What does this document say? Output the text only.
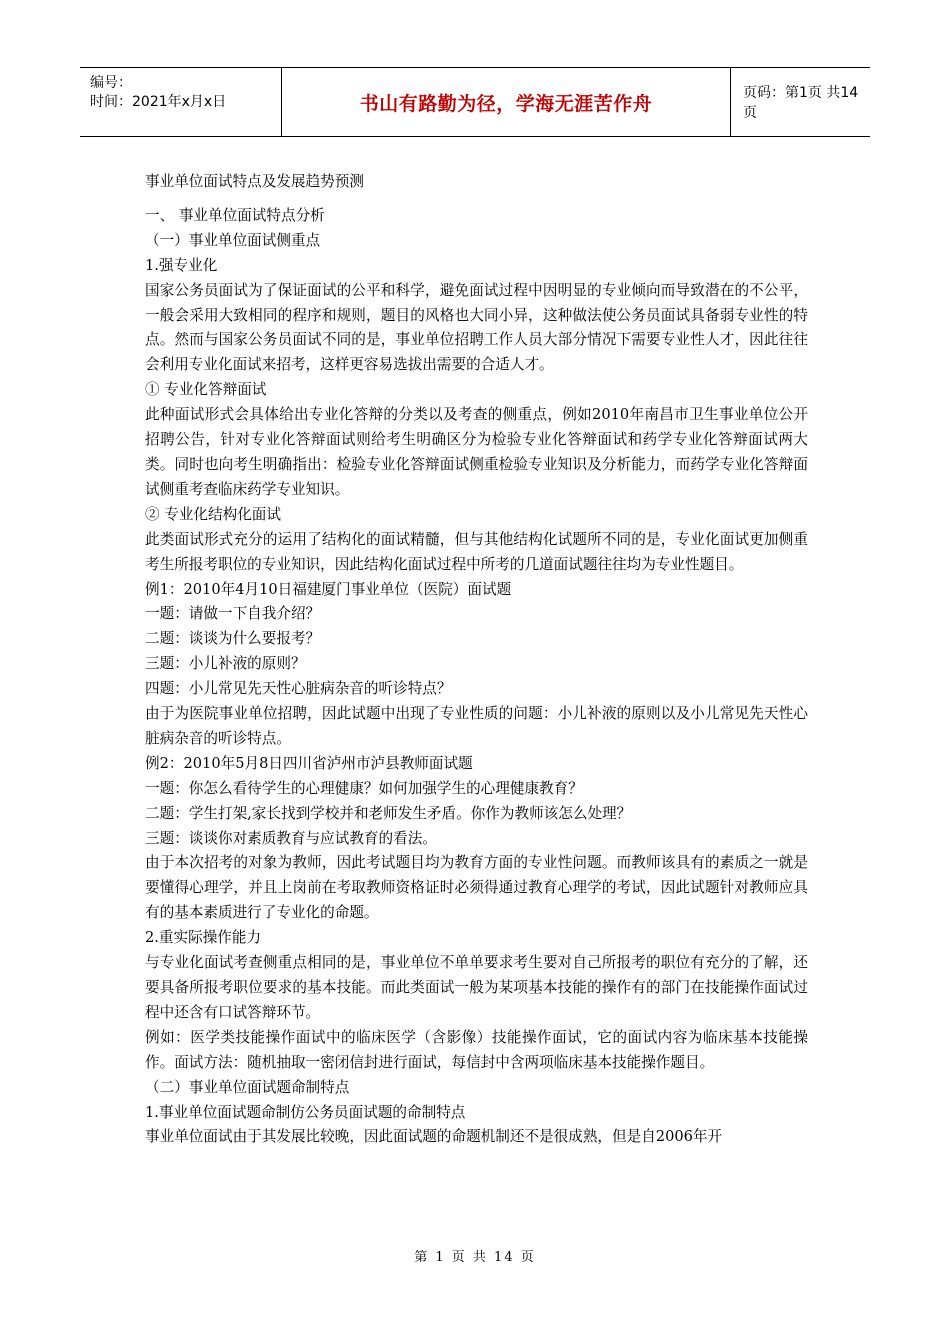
编号：
时间：2021年x月x日	书山有路勤为径，学海无涯苦作舟	页码：第1页 共14页

事业单位面试特点及发展趋势预测

一、 事业单位面试特点分析

（一）事业单位面试侧重点

1.强专业化

国家公务员面试为了保证面试的公平和科学，避免面试过程中因明显的专业倾向而导致潜在的不公平，一般会采用大致相同的程序和规则，题目的风格也大同小异，这种做法使公务员面试具备弱专业性的特点。然而与国家公务员面试不同的是，事业单位招聘工作人员大部分情况下需要专业性人才，因此往往会利用专业化面试来招考，这样更容易选拔出需要的合适人才。

① 专业化答辩面试

此种面试形式会具体给出专业化答辩的分类以及考查的侧重点，例如2010年南昌市卫生事业单位公开招聘公告，针对专业化答辩面试则给考生明确区分为检验专业化答辩面试和药学专业化答辩面试两大类。同时也向考生明确指出：检验专业化答辩面试侧重检验专业知识及分析能力，而药学专业化答辩面试侧重考查临床药学专业知识。

② 专业化结构化面试

此类面试形式充分的运用了结构化的面试精髓，但与其他结构化试题所不同的是，专业化面试更加侧重考生所报考职位的专业知识，因此结构化面试过程中所考的几道面试题往往均为专业性题目。

例1：2010年4月10日福建厦门事业单位（医院）面试题

一题：请做一下自我介绍？

二题：谈谈为什么要报考？

三题：小儿补液的原则？

四题：小儿常见先天性心脏病杂音的听诊特点？

由于为医院事业单位招聘，因此试题中出现了专业性质的问题：小儿补液的原则以及小儿常见先天性心脏病杂音的听诊特点。

例2：2010年5月8日四川省泸州市泸县教师面试题

一题：你怎么看待学生的心理健康？如何加强学生的心理健康教育？

二题：学生打架,家长找到学校并和老师发生矛盾。你作为教师该怎么处理？

三题：谈谈你对素质教育与应试教育的看法。

由于本次招考的对象为教师，因此考试题目均为教育方面的专业性问题。而教师该具有的素质之一就是要懂得心理学，并且上岗前在考取教师资格证时必须得通过教育心理学的考试，因此试题针对教师应具有的基本素质进行了专业化的命题。

2.重实际操作能力

与专业化面试考查侧重点相同的是，事业单位不单单要求考生要对自己所报考的职位有充分的了解，还要具备所报考职位要求的基本技能。而此类面试一般为某项基本技能的操作有的部门在技能操作面试过程中还含有口试答辩环节。

例如：医学类技能操作面试中的临床医学（含影像）技能操作面试，它的面试内容为临床基本技能操作。面试方法：随机抽取一密闭信封进行面试，每信封中含两项临床基本技能操作题目。

（二）事业单位面试题命制特点

1.事业单位面试题命制仿公务员面试题的命制特点

事业单位面试由于其发展比较晚，因此面试题的命题机制还不是很成熟，但是自2006年开

第 1 页 共 14 页
